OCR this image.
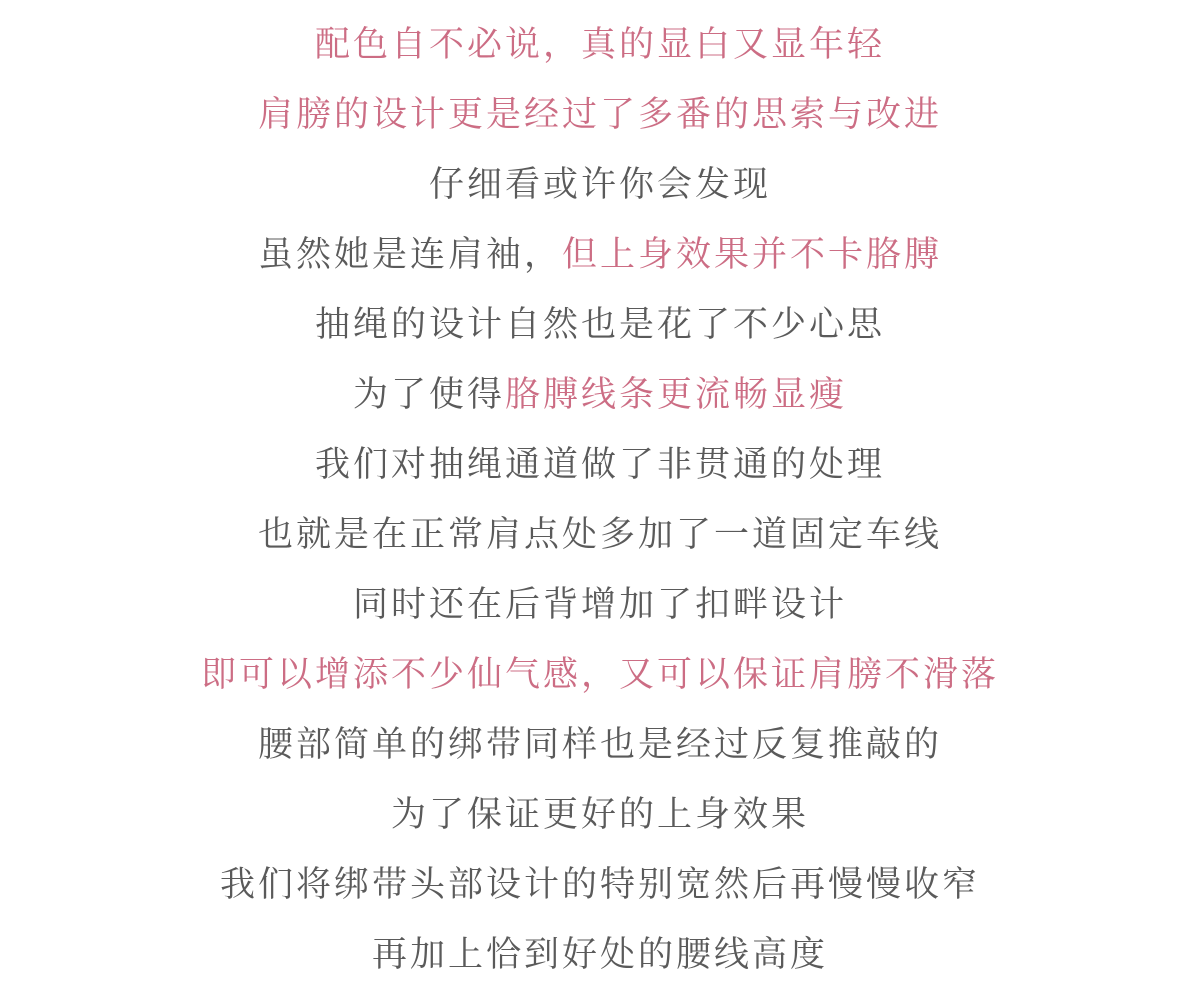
配色自不必说，真的显白又显年轻
肩膀的设计更是经过了多番的思索与改进
仔细看或许你会发现
虽然她是连肩袖，但上身效果并不卡胳膊
抽绳的设计自然也是花了不少心思
为了使得胳膊线条更流畅显瘦
我们对抽绳通道做了非贯通的处理
也就是在正常肩点处多加了一道固定车线
同时还在后背增加了扣畔设计
即可以增添不少仙气感，又可以保证肩膀不滑落
腰部简单的绑带同样也是经过反复推敲的
为了保证更好的上身效果
我们将绑带头部设计的特别宽然后再慢慢收窄
再加上恰到好处的腰线高度
